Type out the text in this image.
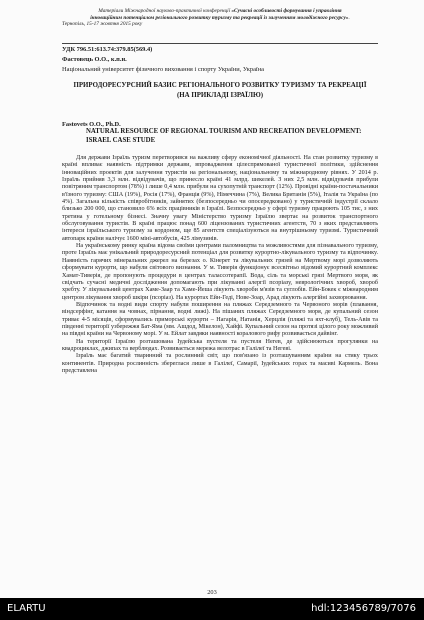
Матеріали Міжнародної науково-практичної конференції «Сучасні особливості формування і управління
інноваційним потенціалом регіонального розвитку туризму та рекреації із залученням молодіжного ресурсу».
Тернопіль, 15-17 жовтня 2015 року
УДК 796.51:613.74:379.85(569.4)
Фастовець О.О., к.п.н.
Національний університет фізичного виховання і спорту України, Україна
ПРИРОДОРЕСУРСНИЙ БАЗИС РЕГІОНАЛЬНОГО РОЗВИТКУ ТУРИЗМУ ТА РЕКРЕАЦІЇ (НА ПРИКЛАДІ ІЗРАЇЛЮ)
Fastovets O.O., Ph.D.
NATURAL RESOURCE OF REGIONAL TOURISM AND RECREATION DEVELOPMENT: ISRAEL CASE STUDE

Для держави Ізраїль туризм перетворився на важливу сферу економічної діяльності. На стан розвитку туризму в країні впливає наявність підтримки держави, впровадження цілеспрямованої туристичної політики, здійснення інноваційних проектів для залучення туристів на регіональному, національному та міжнародному рівнях. У 2014 р. Ізраїль прийняв 3,3 млн. відвідувачів, що принесло країні 41 млрд. шекелей. З них 2,5 млн. відвідувачів прибули повітряним транспортом (78%) і лише 0,4 млн. прибули на сухопутній транспорт (12%). Провідні країни-постачальники в'їзного туризму: США (19%), Росія (17%), Франція (9%), Німеччина (7%), Велика Британія (5%), Італія та Україна (по 4%). Загальна кількість співробітників, зайнятих (безпосередньо чи опосередковано) у туристичній індустрії склало близько 200 000, що становило 6% всіх працівників в Ізраїлі. Безпосередньо у сфері туризму працюють 105 тис, з них третина у готельному бізнесі. Значну увагу Міністерство туризму Ізраїлю звертає на розвиток транспортного обслуговування туристів. В країні працює понад 600 ліцензованих туристичних агентств, 70 з яких представляють інтереси ізраїльського туризму за кордоном, ще 85 агентств спеціалізуються на внутрішньому туризмі. Туристичний автопарк країни налічує 1600 міні-автобусів, 425 лімузинів.

На українському ринку країна відома своїми центрами паломництва та можливостями для пізнавального туризму, проте Ізраїль має унікальний природоресурсний потенціал для розвитку курортно-лікувального туризму та відпочинку. Наявність гарячих мінеральних джерел на березах о. Кінерет та лікувальних грязей на Мертвому морі дозволяють сформувати курорти, що набули світового визнання. У м. Тиверія функціонує всесвітньо відомий курортний комплекс Хамат-Тиверія, де пропонують процедури в центрах талассотерапії. Вода, сіль та морські грязі Мертвого моря, як свідчать сучасні медичні дослідження допомагають при лікуванні алергії псоріазу, неврологічних хвороб, хвороб хребту. У лікувальний центрах Хаме-Заар та Хаме-Йеша лікують хвороби м'язів та суглобів. Ейн-Бокек є міжнародним центром лікування хвороб шкіри (псоріаз). На курортах Ейн-Геді, Нове-Зоар, Арад лікують алергійні захворювання.

Відпочинок та водні види спорту набули поширення на пляжах Середземного та Червоного морів (плавання, віндсерфінг, катання на човнах, пірнання, водні лижі). На пішаних пляжах Середземного моря, де купальний сезон триває 4-5 місяців, сформувались приморські курорти – Нагарія, Натанія, Херцлія (пляжі та яхт-клуб), Тель-Авів та південні території узбережжя Бат-Яма (мм. Ашдод, Мікелон), Хайфі. Купальний сезон на протязі цілого року можливий на півдні країни на Червоному морі. У м. Ейлат завдяки наявності коралового рифу розвивається дайвінг.

На території Ізраїлю розташована Іудейська пустеля та пустеля Негев, де здійснюються прогулянки на квадроциклах, джипах та верблюдах. Розвивається мережа велотрас в Галілеї та Негеві.

Ізраїль має багатий тваринний та рослинний світ, що пов'язано із розташуванням країни на стику трьох континентів. Природна рослинність збереглася лише в Галілеї, Самарії, Іудейських горах та масиві Кармель. Вона представлена

203
ELARTU	hdl:123456789/7076
